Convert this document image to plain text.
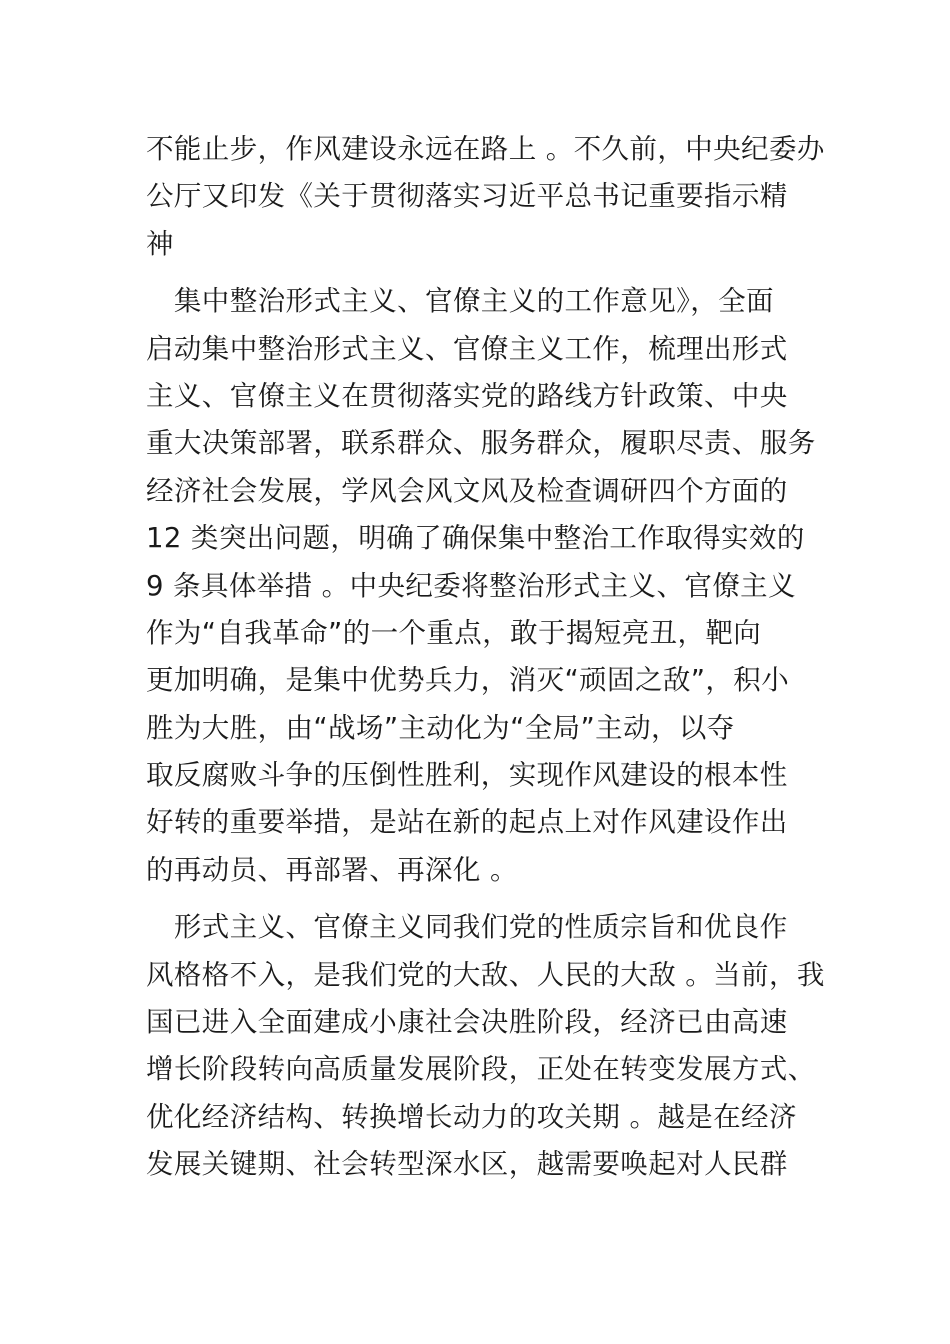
不能止步，作风建设永远在路上 。不久前，中央纪委办
公厅又印发《关于贯彻落实习近平总书记重要指示精
神
　集中整治形式主义、官僚主义的工作意见》，全面
启动集中整治形式主义、官僚主义工作，梳理出形式
主义、官僚主义在贯彻落实党的路线方针政策、中央
重大决策部署，联系群众、服务群众，履职尽责、服务
经济社会发展，学风会风文风及检查调研四个方面的
12 类突出问题，明确了确保集中整治工作取得实效的
9 条具体举措 。中央纪委将整治形式主义、官僚主义
作为“自我革命”的一个重点，敢于揭短亮丑，靶向
更加明确，是集中优势兵力，消灭“顽固之敌”，积小
胜为大胜，由“战场”主动化为“全局”主动，以夺
取反腐败斗争的压倒性胜利，实现作风建设的根本性
好转的重要举措，是站在新的起点上对作风建设作出
的再动员、再部署、再深化 。
　形式主义、官僚主义同我们党的性质宗旨和优良作
风格格不入，是我们党的大敌、人民的大敌 。当前，我
国已进入全面建成小康社会决胜阶段，经济已由高速
增长阶段转向高质量发展阶段，正处在转变发展方式、
优化经济结构、转换增长动力的攻关期 。越是在经济
发展关键期、社会转型深水区，越需要唤起对人民群
